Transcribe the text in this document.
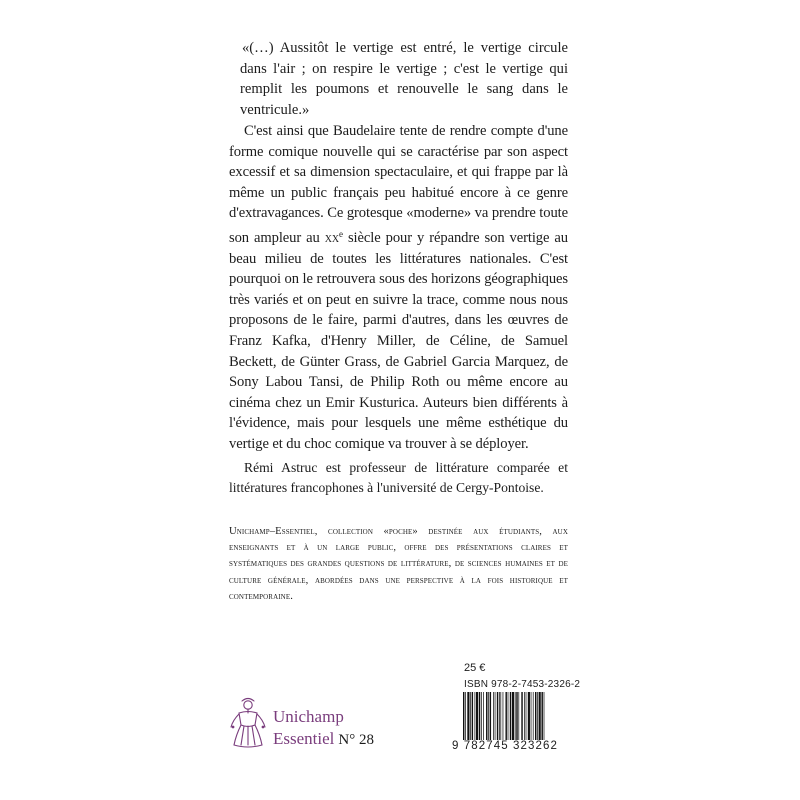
«(…) Aussitôt le vertige est entré, le vertige circule dans l'air ; on respire le vertige ; c'est le vertige qui remplit les poumons et renouvelle le sang dans le ventricule.»
C'est ainsi que Baudelaire tente de rendre compte d'une forme comique nouvelle qui se caractérise par son aspect excessif et sa dimension spectaculaire, et qui frappe par là même un public français peu habitué encore à ce genre d'extravagances. Ce grotesque «moderne» va prendre toute son ampleur au $xx^e$ siècle pour y répandre son vertige au beau milieu de toutes les littératures nationales. C'est pourquoi on le retrouvera sous des horizons géographiques très variés et on peut en suivre la trace, comme nous nous proposons de le faire, parmi d'autres, dans les œuvres de Franz Kafka, d'Henry Miller, de Céline, de Samuel Beckett, de Günter Grass, de Gabriel Garcia Marquez, de Sony Labou Tansi, de Philip Roth ou même encore au cinéma chez un Emir Kusturica. Auteurs bien différents à l'évidence, mais pour lesquels une même esthétique du vertige et du choc comique va trouver à se déployer.
Rémi Astruc est professeur de littérature comparée et littératures francophones à l'université de Cergy-Pontoise.
Unichamp–Essentiel, collection «poche» destinée aux étudiants, aux enseignants et à un large public, offre des présentations claires et systématiques des grandes questions de littérature, de sciences humaines et de culture générale, abordées dans une perspective à la fois historique et contemporaine.
25 €
ISBN 978-2-7453-2326-2
9 782745 323262
Unichamp
Essentiel N° 28
